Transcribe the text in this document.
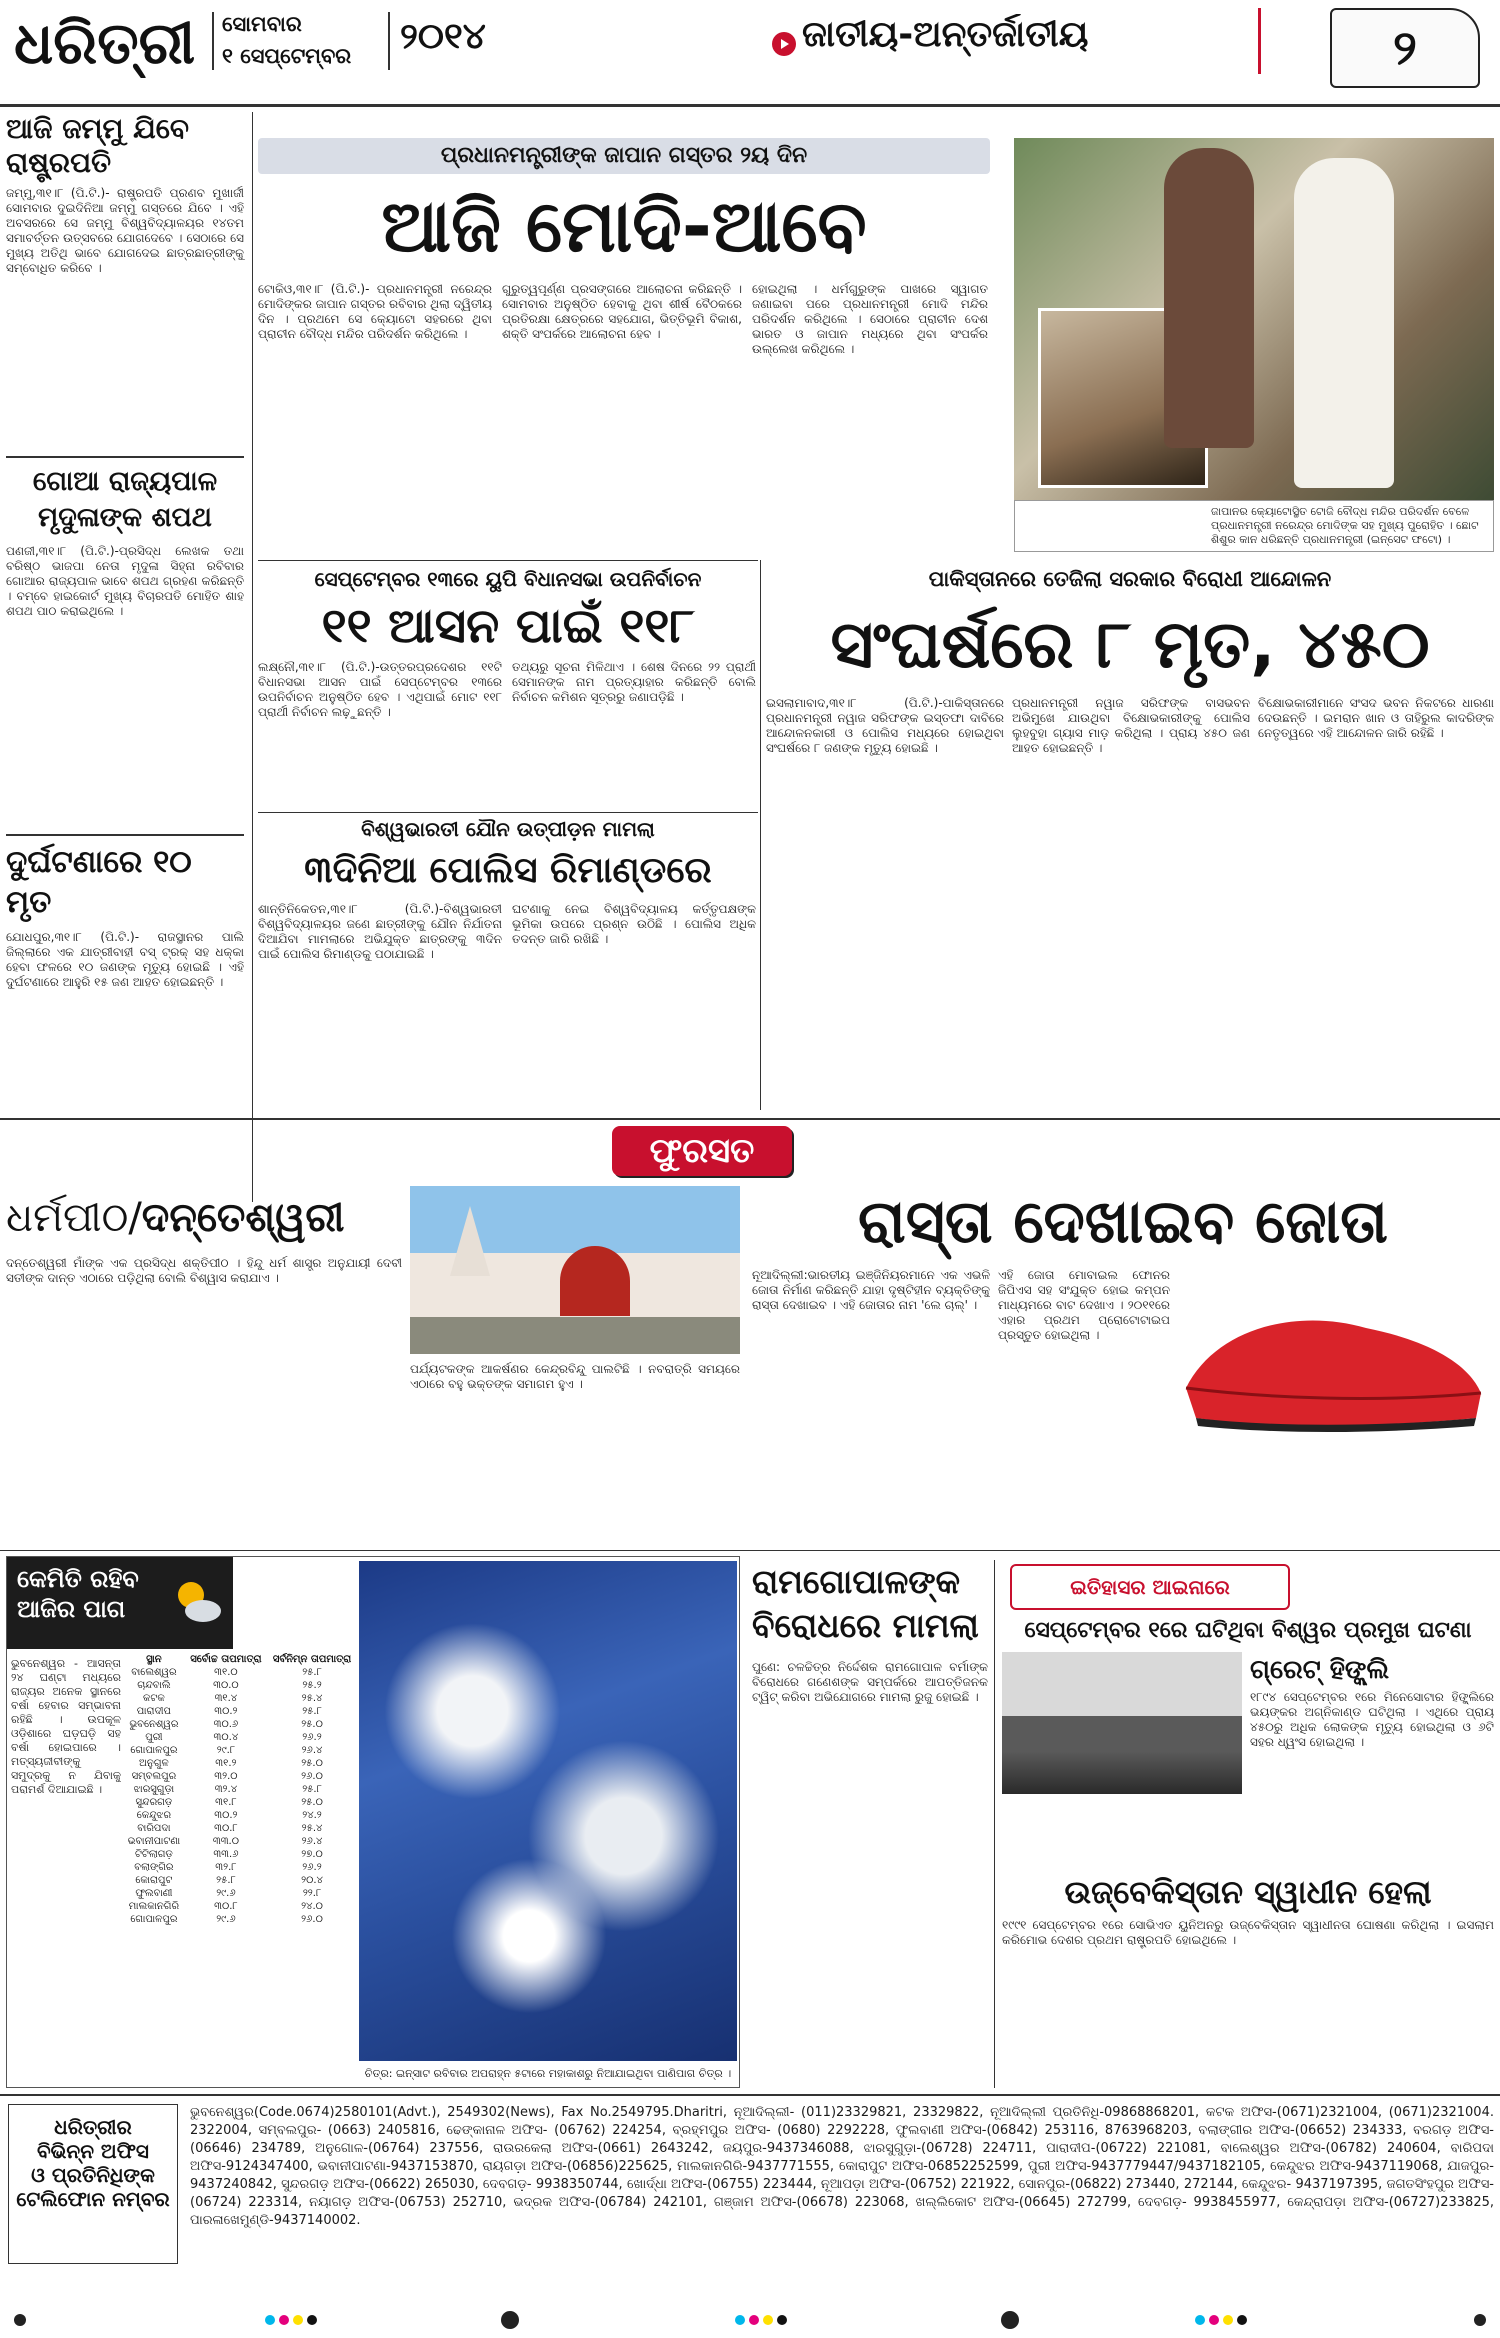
ଧରିତ୍ରୀ	ସୋମବାର
୧ ସେପ୍ଟେମ୍ବର	୨୦୧୪	ଜାତୀୟ-ଅନ୍ତର୍ଜାତୀୟ	୨
ଆଜି ଜମ୍ମୁ ଯିବେ ରାଷ୍ଟ୍ରପତି
ଜମ୍ମୁ,୩୧।୮ (ପି.ଟି.)- ରାଷ୍ଟ୍ରପତି ପ୍ରଣବ ମୁଖାର୍ଜୀ ସୋମବାର ଦୁଇଦିନିଆ ଜମ୍ମୁ ଗସ୍ତରେ ଯିବେ । ଏହି ଅବସରରେ ସେ ଜମ୍ମୁ ବିଶ୍ୱବିଦ୍ୟାଳୟର ୧୪ତମ ସମାବର୍ତ୍ତନ ଉତ୍ସବରେ ଯୋଗଦେବେ । ସେଠାରେ ସେ ମୁଖ୍ୟ ଅତିଥି ଭାବେ ଯୋଗଦେଇ ଛାତ୍ରଛାତ୍ରୀଙ୍କୁ ସମ୍ବୋଧିତ କରିବେ ।
ଗୋଆ ରାଜ୍ୟପାଳ ମୃଦୁଳାଙ୍କ ଶପଥ
ପଣଜୀ,୩୧।୮ (ପି.ଟି.)-ପ୍ରସିଦ୍ଧ ଲେଖକ ତଥା ବରିଷ୍ଠ ଭାଜପା ନେତା ମୃଦୁଳା ସିହ୍ନା ରବିବାର ଗୋଆର ରାଜ୍ୟପାଳ ଭାବେ ଶପଥ ଗ୍ରହଣ କରିଛନ୍ତି । ବମ୍ବେ ହାଇକୋର୍ଟ ମୁଖ୍ୟ ବିଚାରପତି ମୋହିତ ଶାହ ଶପଥ ପାଠ କରାଇଥିଲେ ।
ଦୁର୍ଘଟଣାରେ ୧୦ ମୃତ
ଯୋଧପୁର,୩୧।୮ (ପି.ଟି.)- ରାଜସ୍ଥାନର ପାଲି ଜିଲ୍ଲାରେ ଏକ ଯାତ୍ରୀବାହୀ ବସ୍ ଟ୍ରକ୍ ସହ ଧକ୍କା ହେବା ଫଳରେ ୧୦ ଜଣଙ୍କ ମୃତ୍ୟୁ ହୋଇଛି । ଏହି ଦୁର୍ଘଟଣାରେ ଆହୁରି ୧୫ ଜଣ ଆହତ ହୋଇଛନ୍ତି ।
ପ୍ରଧାନମନ୍ତ୍ରୀଙ୍କ ଜାପାନ ଗସ୍ତର ୨ୟ ଦିନ
ଆଜି ମୋଦି-ଆବେ
ଟୋକିଓ,୩୧।୮ (ପି.ଟି.)- ପ୍ରଧାନମନ୍ତ୍ରୀ ନରେନ୍ଦ୍ର ମୋଦିଙ୍କର ଜାପାନ ଗସ୍ତର ରବିବାର ଥିଲା ଦ୍ୱିତୀୟ ଦିନ । ପ୍ରଥମେ ସେ କ୍ୟୋଟୋ ସହରରେ ଥିବା ପ୍ରାଚୀନ ବୌଦ୍ଧ ମନ୍ଦିର ପରିଦର୍ଶନ କରିଥିଲେ ।
ଗୁରୁତ୍ୱପୂର୍ଣ୍ଣ ପ୍ରସଙ୍ଗରେ ଆଲୋଚନା କରିଛନ୍ତି । ସୋମବାର ଅନୁଷ୍ଠିତ ହେବାକୁ ଥିବା ଶୀର୍ଷ ବୈଠକରେ ପ୍ରତିରକ୍ଷା କ୍ଷେତ୍ରରେ ସହଯୋଗ, ଭିତ୍ତିଭୂମି ବିକାଶ, ଶକ୍ତି ସଂପର୍କରେ ଆଲୋଚନା ହେବ ।
ହୋଇଥିଲା । ଧର୍ମଗୁରୁଙ୍କ ପାଖରେ ସ୍ୱାଗତ ଜଣାଇବା ପରେ ପ୍ରଧାନମନ୍ତ୍ରୀ ମୋଦି ମନ୍ଦିର ପରିଦର୍ଶନ କରିଥିଲେ । ସେଠାରେ ପ୍ରାଚୀନ ଦେଶ ଭାରତ ଓ ଜାପାନ ମଧ୍ୟରେ ଥିବା ସଂପର୍କର ଉଲ୍ଲେଖ କରିଥିଲେ ।
ଜାପାନର କ୍ୟୋଟୋସ୍ଥିତ ଟୋଜି ବୌଦ୍ଧ ମନ୍ଦିର ପରିଦର୍ଶନ ବେଳେ ପ୍ରଧାନମନ୍ତ୍ରୀ ନରେନ୍ଦ୍ର ମୋଦିଙ୍କ ସହ ମୁଖ୍ୟ ପୁରୋହିତ । ଛୋଟ ଶିଶୁର କାନ ଧରିଛନ୍ତି ପ୍ରଧାନମନ୍ତ୍ରୀ (ଇନ୍‌ସେଟ ଫଟୋ) ।
ସେପ୍ଟେମ୍ବର ୧୩ରେ ୟୁପି ବିଧାନସଭା ଉପନିର୍ବାଚନ
୧୧ ଆସନ ପାଇଁ ୧୧୮
ଲକ୍ଷ୍ନୌ,୩୧।୮ (ପି.ଟି.)-ଉତ୍ତରପ୍ରଦେଶର ୧୧ଟି ବିଧାନସଭା ଆସନ ପାଇଁ ସେପ୍ଟେମ୍ବର ୧୩ରେ ଉପନିର୍ବାଚନ ଅନୁଷ୍ଠିତ ହେବ । ଏଥିପାଇଁ ମୋଟ ୧୧୮ ପ୍ରାର୍ଥୀ ନିର୍ବାଚନ ଲଢ଼ୁଛନ୍ତି ।
ତଥ୍ୟରୁ ସୂଚନା ମିଳିଥାଏ । ଶେଷ ଦିନରେ ୨୨ ପ୍ରାର୍ଥୀ ସେମାନଙ୍କ ନାମ ପ୍ରତ୍ୟାହାର କରିଛନ୍ତି ବୋଲି ନିର୍ବାଚନ କମିଶନ ସୂତ୍ରରୁ ଜଣାପଡ଼ିଛି ।
ବିଶ୍ୱଭାରତୀ ଯୌନ ଉତ୍ପୀଡ଼ନ ମାମଲା
୩ଦିନିଆ ପୋଲିସ ରିମାଣ୍ଡରେ
ଶାନ୍ତିନିକେତନ,୩୧।୮ (ପି.ଟି.)-ବିଶ୍ୱଭାରତୀ ବିଶ୍ୱବିଦ୍ୟାଳୟର ଜଣେ ଛାତ୍ରୀଙ୍କୁ ଯୌନ ନିର୍ଯାତନା ଦିଆଯିବା ମାମଲାରେ ଅଭିଯୁକ୍ତ ଛାତ୍ରଙ୍କୁ ୩ଦିନ ପାଇଁ ପୋଲିସ ରିମାଣ୍ଡକୁ ପଠାଯାଇଛି ।
ଘଟଣାକୁ ନେଇ ବିଶ୍ୱବିଦ୍ୟାଳୟ କର୍ତ୍ତୃପକ୍ଷଙ୍କ ଭୂମିକା ଉପରେ ପ୍ରଶ୍ନ ଉଠିଛି । ପୋଲିସ ଅଧିକ ତଦନ୍ତ ଜାରି ରଖିଛି ।
ପାକିସ୍ତାନରେ ତେଜିଲା ସରକାର ବିରୋଧୀ ଆନ୍ଦୋଳନ
ସଂଘର୍ଷରେ ୮ ମୃତ, ୪୫୦
ଇସଲାମାବାଦ,୩୧।୮ (ପି.ଟି.)-ପାକିସ୍ତାନରେ ପ୍ରଧାନମନ୍ତ୍ରୀ ନୱାଜ ସରିଫଙ୍କ ଇସ୍ତଫା ଦାବିରେ ଆନ୍ଦୋଳନକାରୀ ଓ ପୋଲିସ ମଧ୍ୟରେ ହୋଇଥିବା ସଂଘର୍ଷରେ ୮ ଜଣଙ୍କ ମୃତ୍ୟୁ ହୋଇଛି ।
ପ୍ରଧାନମନ୍ତ୍ରୀ ନୱାଜ ସରିଫଙ୍କ ବାସଭବନ ଅଭିମୁଖେ ଯାଉଥିବା ବିକ୍ଷୋଭକାରୀଙ୍କୁ ପୋଲିସ ଲୁହବୁହା ଗ୍ୟାସ ମାଡ଼ କରିଥିଲା । ପ୍ରାୟ ୪୫୦ ଜଣ ଆହତ ହୋଇଛନ୍ତି ।
ବିକ୍ଷୋଭକାରୀମାନେ ସଂସଦ ଭବନ ନିକଟରେ ଧାରଣା ଦେଉଛନ୍ତି । ଇମରାନ ଖାନ ଓ ତାହିରୁଲ କାଦରିଙ୍କ ନେତୃତ୍ୱରେ ଏହି ଆନ୍ଦୋଳନ ଜାରି ରହିଛି ।
ଫୁରସତ
ଧର୍ମପୀଠ/ଦନ୍ତେଶ୍ୱରୀ
ଦନ୍ତେଶ୍ୱରୀ ମାଁଙ୍କ ଏକ ପ୍ରସିଦ୍ଧ ଶକ୍ତିପୀଠ । ହିନ୍ଦୁ ଧର୍ମ ଶାସ୍ତ୍ର ଅନୁଯାୟୀ ଦେବୀ ସତୀଙ୍କ ଦାନ୍ତ ଏଠାରେ ପଡ଼ିଥିଲା ବୋଲି ବିଶ୍ୱାସ କରାଯାଏ ।
ପର୍ଯ୍ୟଟକଙ୍କ ଆକର୍ଷଣର କେନ୍ଦ୍ରବିନ୍ଦୁ ପାଲଟିଛି । ନବରାତ୍ରି ସମୟରେ ଏଠାରେ ବହୁ ଭକ୍ତଙ୍କ ସମାଗମ ହୁଏ ।
ରାସ୍ତା ଦେଖାଇବ ଜୋତା
ନୂଆଦିଲ୍ଲୀ:ଭାରତୀୟ ଇଞ୍ଜିନିୟରମାନେ ଏକ ଏଭଳି ଜୋତା ନିର୍ମାଣ କରିଛନ୍ତି ଯାହା ଦୃଷ୍ଟିହୀନ ବ୍ୟକ୍ତିଙ୍କୁ ରାସ୍ତା ଦେଖାଇବ । ଏହି ଜୋତାର ନାମ 'ଲେ ଚାଲ୍' ।
ଏହି ଜୋତା ମୋବାଇଲ ଫୋନର ଜିପିଏସ ସହ ସଂଯୁକ୍ତ ହୋଇ କମ୍ପନ ମାଧ୍ୟମରେ ବାଟ ଦେଖାଏ । ୨୦୧୧ରେ ଏହାର ପ୍ରଥମ ପ୍ରୋଟୋଟାଇପ ପ୍ରସ୍ତୁତ ହୋଇଥିଲା ।
କେମିତି ରହିବ
ଆଜିର ପାଗ
ଭୁବନେଶ୍ୱର - ଆସନ୍ତା ୨୪ ଘଣ୍ଟା ମଧ୍ୟରେ ରାଜ୍ୟର ଅନେକ ସ୍ଥାନରେ ବର୍ଷା ହେବାର ସମ୍ଭାବନା ରହିଛି । ଉପକୂଳ ଓଡ଼ିଶାରେ ଘଡ଼ଘଡ଼ି ସହ ବର୍ଷା ହୋଇପାରେ । ମତ୍ସ୍ୟଜୀବୀଙ୍କୁ ସମୁଦ୍ରକୁ ନ ଯିବାକୁ ପରାମର୍ଶ ଦିଆଯାଇଛି ।
ସ୍ଥାନ	ସର୍ବୋଚ୍ଚ ତାପମାତ୍ରା	ସର୍ବନିମ୍ନ ତାପମାତ୍ରା
ବାଲେଶ୍ୱର	୩୧.୦	୨୫.୮
ଚାନ୍ଦବାଲି	୩୦.୦	୨୫.୨
କଟକ	୩୧.୪	୨୫.୪
ପାରାଦୀପ	୩୦.୨	୨୫.୮
ଭୁବନେଶ୍ୱର	୩୦.୬	୨୫.୦
ପୁରୀ	୩୦.୪	୨୬.୨
ଗୋପାଳପୁର	୨୯.୮	୨୬.୪
ଅନୁଗୁଳ	୩୧.୨	୨୫.୦
ସମ୍ବଲପୁର	୩୨.୦	୨୬.୦
ଝାରସୁଗୁଡ଼ା	୩୨.୪	୨୫.୮
ସୁନ୍ଦରଗଡ଼	୩୧.୮	୨୫.୦
କେନ୍ଦୁଝର	୩୦.୨	୨୪.୨
ବାରିପଦା	୩୦.୮	୨୫.୪
ଭବାନୀପାଟଣା	୩୩.୦	୨୬.୪
ଟିଟିଲାଗଡ଼	୩୩.୬	୨୭.୦
ବଲାଙ୍ଗିର	୩୨.୮	୨୬.୨
କୋରାପୁଟ	୨୫.୮	୨୦.୪
ଫୁଲବାଣୀ	୨୯.୬	୨୨.୮
ମାଲକାନଗିରି	୩୦.୮	୨୪.୦
ଗୋପାଳପୁର	୨୯.୬	୨୬.୦
ଚିତ୍ର: ଇନ୍‌ସାଟ ରବିବାର ଅପରାହ୍ନ ୫ଟାରେ ମହାକାଶରୁ ନିଆଯାଇଥିବା ପାଣିପାଗ ଚିତ୍ର ।
ରାମଗୋପାଳଙ୍କ ବିରୋଧରେ ମାମଲା
ପୁଣେ: ଚଳଚ୍ଚିତ୍ର ନିର୍ଦ୍ଦେଶକ ରାମଗୋପାଳ ବର୍ମାଙ୍କ ବିରୋଧରେ ଗଣେଶଙ୍କ ସମ୍ପର୍କରେ ଆପତ୍ତିଜନକ ଟ୍ୱିଟ୍ କରିବା ଅଭିଯୋଗରେ ମାମଲା ରୁଜୁ ହୋଇଛି ।
ଇତିହାସର ଆଇନାରେ
ସେପ୍ଟେମ୍ବର ୧ରେ ଘଟିଥିବା ବିଶ୍ୱର ପ୍ରମୁଖ ଘଟଣା
ଗ୍ରେଟ୍ ହିଙ୍କ୍ଲି
୧୮୯୪ ସେପ୍ଟେମ୍ବର ୧ରେ ମିନେସୋଟାର ହିଙ୍କ୍ଲିରେ ଭୟଙ୍କର ଅଗ୍ନିକାଣ୍ଡ ଘଟିଥିଲା । ଏଥିରେ ପ୍ରାୟ ୪୫୦ରୁ ଅଧିକ ଲୋକଙ୍କ ମୃତ୍ୟୁ ହୋଇଥିଲା ଓ ୬ଟି ସହର ଧ୍ୱଂସ ହୋଇଥିଲା ।
ଉଜ୍‌ବେକିସ୍ତାନ ସ୍ୱାଧୀନ ହେଲା
୧୯୯୧ ସେପ୍ଟେମ୍ବର ୧ରେ ସୋଭିଏତ ୟୁନିଅନରୁ ଉଜ୍‌ବେକିସ୍ତାନ ସ୍ୱାଧୀନତା ଘୋଷଣା କରିଥିଲା । ଇସଲାମ କରିମୋଭ ଦେଶର ପ୍ରଥମ ରାଷ୍ଟ୍ରପତି ହୋଇଥିଲେ ।
ଧରିତ୍ରୀର
ବିଭିନ୍ନ ଅଫିସ
ଓ ପ୍ରତିନିଧିଙ୍କ
ଟେଲିଫୋନ ନମ୍ବର
ଭୁବନେଶ୍ୱର(Code.0674)2580101(Advt.), 2549302(News), Fax No.2549795.Dharitri, ନୂଆଦିଲ୍ଲୀ- (011)23329821, 23329822, ନୂଆଦିଲ୍ଲୀ ପ୍ରତିନିଧି-09868868201, କଟକ ଅଫିସ-(0671)2321004, (0671)2321004. 2322004, ସମ୍ବଲପୁର- (0663) 2405816, ଢେଙ୍କାନାଳ ଅଫିସ- (06762) 224254, ବ୍ରହ୍ମପୁର ଅଫିସ- (0680) 2292228, ଫୁଲବାଣୀ ଅଫିସ-(06842) 253116, 8763968203, ବଲାଙ୍ଗୀର ଅଫିସ-(06652) 234333, ବରଗଡ଼ ଅଫିସ- (06646) 234789, ଅନୁଗୋଳ-(06764) 237556, ରାଉରକେଲା ଅଫିସ-(0661) 2643242, ଜୟପୁର-9437346088, ଝାରସୁଗୁଡ଼ା-(06728) 224711, ପାରାଦୀପ-(06722) 221081, ବାଲେଶ୍ୱର ଅଫିସ-(06782) 240604, ବାରିପଦା ଅଫିସ-9124347400, ଭବାନୀପାଟଣା-9437153870, ରାୟଗଡ଼ା ଅଫିସ-(06856)225625, ମାଲକାନଗିରି-9437771555, କୋରାପୁଟ ଅଫିସ-06852252599, ପୁରୀ ଅଫିସ-9437779447/9437182105, କେନ୍ଦୁଝର ଅଫିସ-9437119068, ଯାଜପୁର- 9437240842, ସୁନ୍ଦରଗଡ଼ ଅଫିସ-(06622) 265030, ଦେବଗଡ଼- 9938350744, ଖୋର୍ଦ୍ଧା ଅଫିସ-(06755) 223444, ନୂଆପଡ଼ା ଅଫିସ-(06752) 221922, ସୋନପୁର-(06822) 273440, 272144, କେନ୍ଦୁଝର- 9437197395, ଜଗତସିଂହପୁର ଅଫିସ- (06724) 223314, ନୟାଗଡ଼ ଅଫିସ-(06753) 252710, ଭଦ୍ରକ ଅଫିସ-(06784) 242101, ଗଞ୍ଜାମ ଅଫିସ-(06678) 223068, ଖଲ୍ଲିକୋଟ ଅଫିସ-(06645) 272799, ଦେବଗଡ଼- 9938455977, କେନ୍ଦ୍ରାପଡ଼ା ଅଫିସ-(06727)233825, ପାରଳାଖେମୁଣ୍ଡି-9437140002.
